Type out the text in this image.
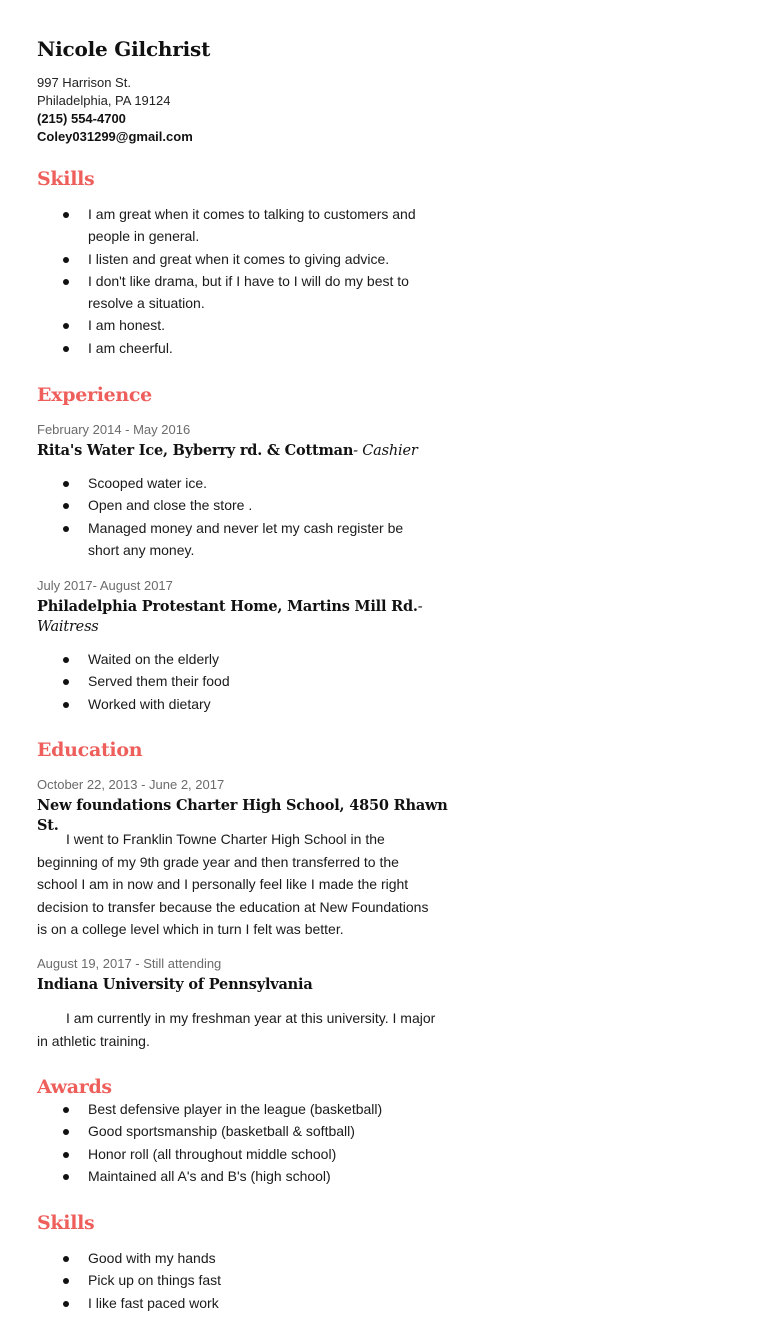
Nicole Gilchrist
997 Harrison St.
Philadelphia, PA 19124
(215) 554-4700
Coley031299@gmail.com
Skills
I am great when it comes to talking to customers and people in general.
I listen and great when it comes to giving advice.
I don't like drama, but if I have to I will do my best to resolve a situation.
I am honest.
I am cheerful.
Experience
February 2014 - May 2016
Rita's Water Ice, Byberry rd. & Cottman- Cashier
Scooped water ice.
Open and close the store .
Managed money and never let my cash register be short any money.
July 2017- August 2017
Philadelphia Protestant Home, Martins Mill Rd.-
Waitress
Waited on the elderly
Served them their food
Worked with dietary
Education
October 22, 2013 - June 2, 2017
New foundations Charter High School, 4850 Rhawn St.

I went to Franklin Towne Charter High School in the beginning of my 9th grade year and then transferred to the school I am in now and I personally feel like I made the right decision to transfer because the education at New Foundations is on a college level which in turn I felt was better.

August 19, 2017 - Still attending
Indiana University of Pennsylvania

I am currently in my freshman year at this university. I major in athletic training.

Awards
Best defensive player in the league (basketball)
Good sportsmanship (basketball & softball)
Honor roll (all throughout middle school)
Maintained all A's and B's (high school)
Skills
Good with my hands
Pick up on things fast
I like fast paced work
